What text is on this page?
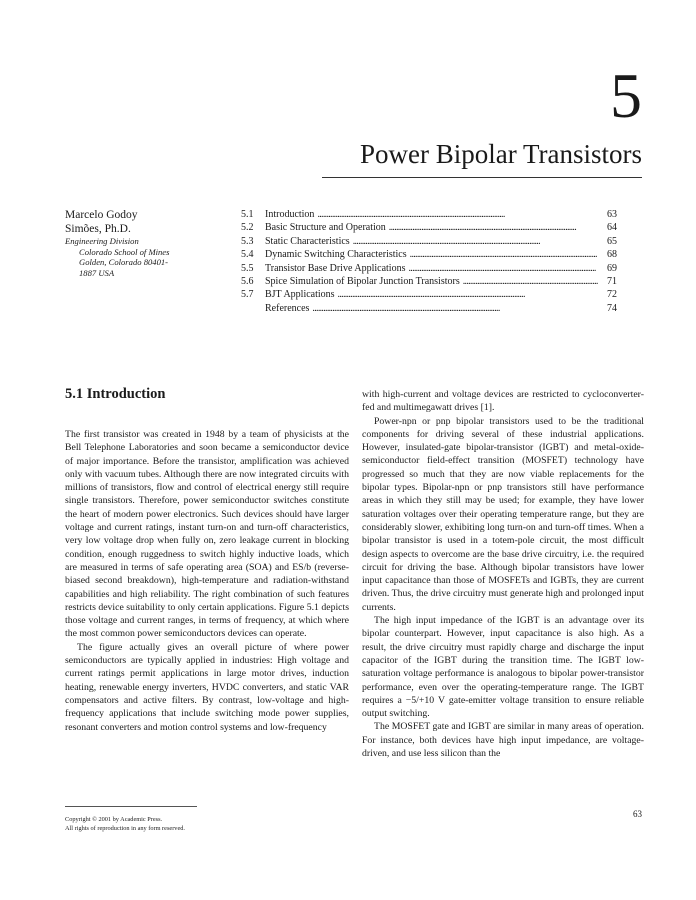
5
Power Bipolar Transistors
Marcelo Godoy
Simões, Ph.D.
Engineering Division
Colorado School of Mines
Golden, Colorado 80401-
1887 USA
5.1	Introduction . . .	63
5.2	Basic Structure and Operation . . .	64
5.3	Static Characteristics . . .	65
5.4	Dynamic Switching Characteristics . . .	68
5.5	Transistor Base Drive Applications . . .	69
5.6	Spice Simulation of Bipolar Junction Transistors . . .	71
5.7	BJT Applications . . .	72
References . . .	74
5.1 Introduction

The first transistor was created in 1948 by a team of physicists at the Bell Telephone Laboratories and soon became a semiconductor device of major importance. Before the transistor, amplification was achieved only with vacuum tubes. Although there are now integrated circuits with millions of transistors, flow and control of electrical energy still require single transistors. Therefore, power semiconductor switches constitute the heart of modern power electronics. Such devices should have larger voltage and current ratings, instant turn-on and turn-off characteristics, very low voltage drop when fully on, zero leakage current in blocking condition, enough ruggedness to switch highly inductive loads, which are measured in terms of safe operating area (SOA) and ES/b (reverse-biased second breakdown), high-temperature and radiation-withstand capabilities and high reliability. The right combination of such features restricts device suitability to only certain applications. Figure 5.1 depicts those voltage and current ranges, in terms of frequency, at which where the most common power semiconductors devices can operate.

The figure actually gives an overall picture of where power semiconductors are typically applied in industries: High voltage and current ratings permit applications in large motor drives, induction heating, renewable energy inverters, HVDC converters, and static VAR compensators and active filters. By contrast, low-voltage and high-frequency applications that include switching mode power supplies, resonant converters and motion control systems and low-frequency

with high-current and voltage devices are restricted to cycloconverter-fed and multimegawatt drives [1].

Power-npn or pnp bipolar transistors used to be the traditional components for driving several of these industrial applications. However, insulated-gate bipolar-transistor (IGBT) and metal-oxide-semiconductor field-effect transition (MOSFET) technology have progressed so much that they are now viable replacements for the bipolar types. Bipolar-npn or pnp transistors still have performance areas in which they still may be used; for example, they have lower saturation voltages over their operating temperature range, but they are considerably slower, exhibiting long turn-on and turn-off times. When a bipolar transistor is used in a totem-pole circuit, the most difficult design aspects to overcome are the base drive circuitry, i.e. the required circuit for driving the base. Although bipolar transistors have lower input capacitance than those of MOSFETs and IGBTs, they are current driven. Thus, the drive circuitry must generate high and prolonged input currents.

The high input impedance of the IGBT is an advantage over its bipolar counterpart. However, input capacitance is also high. As a result, the drive circuitry must rapidly charge and discharge the input capacitor of the IGBT during the transition time. The IGBT low-saturation voltage performance is analogous to bipolar power-transistor performance, even over the operating-temperature range. The IGBT requires a −5/+10 V gate-emitter voltage transition to ensure reliable output switching.

The MOSFET gate and IGBT are similar in many areas of operation. For instance, both devices have high input impedance, are voltage-driven, and use less silicon than the

Copyright © 2001 by Academic Press.
All rights of reproduction in any form reserved.
63
